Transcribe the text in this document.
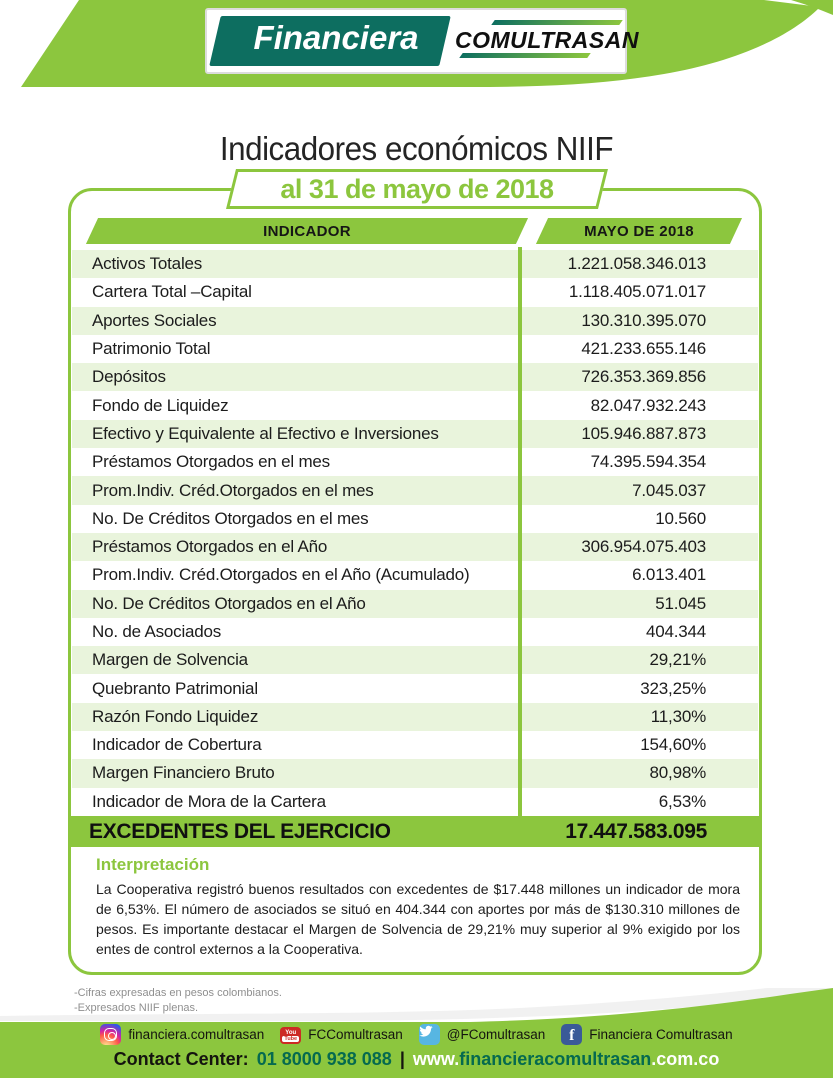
Financiera	COMULTRASAN
Indicadores económicos NIIF
al 31 de mayo de 2018
INDICADOR	MAYO DE 2018
Activos Totales	1.221.058.346.013
Cartera Total –Capital	1.118.405.071.017
Aportes Sociales	130.310.395.070
Patrimonio Total	421.233.655.146
Depósitos	726.353.369.856
Fondo de Liquidez	82.047.932.243
Efectivo y Equivalente al Efectivo e Inversiones	105.946.887.873
Préstamos Otorgados en el mes	74.395.594.354
Prom.Indiv. Créd.Otorgados en el mes	7.045.037
No. De Créditos Otorgados en el mes	10.560
Préstamos Otorgados en el Año	306.954.075.403
Prom.Indiv. Créd.Otorgados en el Año (Acumulado)	6.013.401
No. De Créditos Otorgados en el Año	51.045
No. de Asociados	404.344
Margen de Solvencia	29,21%
Quebranto Patrimonial	323,25%
Razón Fondo Liquidez	11,30%
Indicador de Cobertura	154,60%
Margen Financiero Bruto	80,98%
Indicador de Mora de la Cartera	6,53%
EXCEDENTES DEL EJERCICIO	17.447.583.095
Interpretación
La Cooperativa registró buenos resultados con excedentes de $17.448 millones un indicador de mora de 6,53%. El número de asociados se situó en 404.344 con aportes por más de $130.310 millones de pesos. Es importante destacar el Margen de Solvencia de 29,21% muy superior al 9% exigido por los entes de control externos a la Cooperativa.
-Cifras expresadas en pesos colombianos.
-Expresados NIIF plenas.
financiera.comultrasan	You
Tube FCComultrasan	@FComultrasan	f	Financiera Comultrasan
Contact Center: 01 8000 938 088 | www. financieracomultrasan .com.co
